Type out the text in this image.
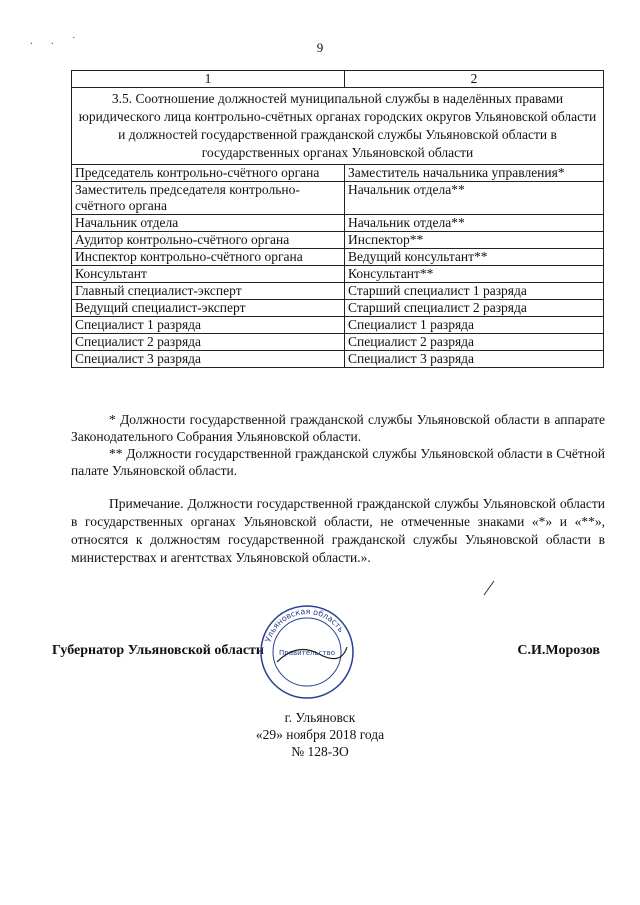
. . ˙	9
1	2
3.5. Соотношение должностей муниципальной службы в наделённых правами юридического лица контрольно-счётных органах городских округов Ульяновской области и должностей государственной гражданской службы Ульяновской области в государственных органах Ульяновской области	
Председатель контрольно-счётного органа	Заместитель начальника управления*
Заместитель председателя контрольно-счётного органа	Начальник отдела**
Начальник отдела	Начальник отдела**
Аудитор контрольно-счётного органа	Инспектор**
Инспектор контрольно-счётного органа	Ведущий консультант**
Консультант	Консультант**
Главный специалист-эксперт	Старший специалист 1 разряда
Ведущий специалист-эксперт	Старший специалист 2 разряда
Специалист 1 разряда	Специалист 1 разряда
Специалист 2 разряда	Специалист 2 разряда
Специалист 3 разряда	Специалист 3 разряда

* Должности государственной гражданской службы Ульяновской области в аппарате Законодательного Собрания Ульяновской области.

** Должности государственной гражданской службы Ульяновской области в Счётной палате Ульяновской области.

Примечание. Должности государственной гражданской службы Ульяновской области в государственных органах Ульяновской области, не отмеченные знаками «*» и «**», относятся к должностям государственной гражданской службы Ульяновской области в министерствах и агентствах Ульяновской области.».

Губернатор Ульяновской области	С.И.Морозов
Ульяновская область
Правительство
г. Ульяновск
«29» ноября 2018 года
№ 128-ЗО
